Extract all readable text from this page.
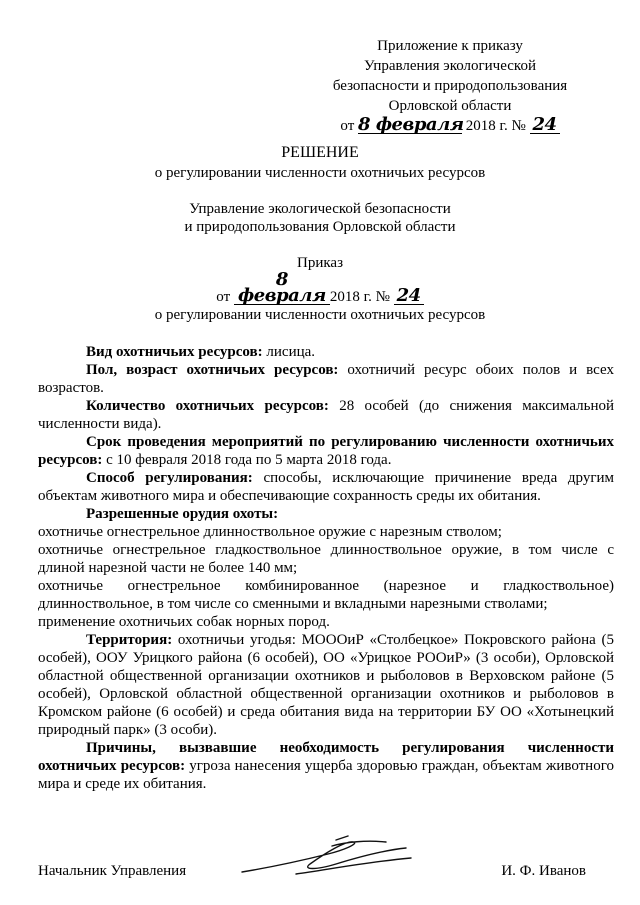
Приложение к приказу
Управления экологической
безопасности и природопользования
Орловской области
от 8 февраля 2018 г. № 24
РЕШЕНИЕ
о регулировании численности охотничьих ресурсов
Управление экологической безопасности
и природопользования Орловской области
Приказ
от 8 февраля 2018 г. № 24
о регулировании численности охотничьих ресурсов

Вид охотничьих ресурсов: лисица.

Пол, возраст охотничьих ресурсов: охотничий ресурс обоих полов и всех возрастов.

Количество охотничьих ресурсов: 28 особей (до снижения максимальной численности вида).

Срок проведения мероприятий по регулированию численности охотничьих ресурсов: с 10 февраля 2018 года по 5 марта 2018 года.

Способ регулирования: способы, исключающие причинение вреда другим объектам животного мира и обеспечивающие сохранность среды их обитания.

Разрешенные орудия охоты:

охотничье огнестрельное длинноствольное оружие с нарезным стволом;

охотничье огнестрельное гладкоствольное длинноствольное оружие, в том числе с длиной нарезной части не более 140 мм;

охотничье огнестрельное комбинированное (нарезное и гладкоствольное) длинноствольное, в том числе со сменными и вкладными нарезными стволами;

применение охотничьих собак норных пород.

Территория: охотничьи угодья: МОООиР «Столбецкое» Покровского района (5 особей), ООУ Урицкого района (6 особей), ОО «Урицкое РООиР» (3 особи), Орловской областной общественной организации охотников и рыболовов в Верховском районе (5 особей), Орловской областной общественной организации охотников и рыболовов в Кромском районе (6 особей) и среда обитания вида на территории БУ ОО «Хотынецкий природный парк» (3 особи).

Причины, вызвавшие необходимость регулирования численности охотничьих ресурсов: угроза нанесения ущерба здоровью граждан, объектам животного мира и среде их обитания.

Начальник Управления	И. Ф. Иванов
